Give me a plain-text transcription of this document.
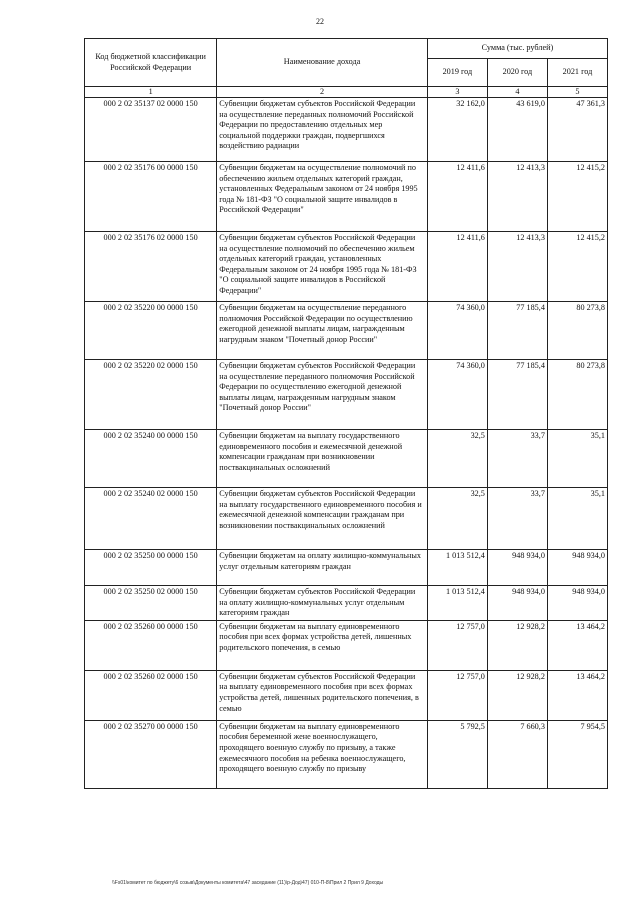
22
Код бюджетной классификации Российской Федерации	Наименование дохода	Сумма (тыс. рублей)		
		2019 год	2020 год	2021 год
1	2	3	4	5
000 2 02 35137 02 0000 150	Субвенции бюджетам субъектов Российской Федерации на осуществление переданных полномочий Российской Федерации по предоставлению отдельных мер социальной поддержки граждан, подвергшихся воздействию радиации	32 162,0	43 619,0	47 361,3
000 2 02 35176 00 0000 150	Субвенции бюджетам на осуществление полномочий по обеспечению жильем отдельных категорий граждан, установленных Федеральным законом от 24 ноября 1995 года № 181-ФЗ "О социальной защите инвалидов в Российской Федерации"	12 411,6	12 413,3	12 415,2
000 2 02 35176 02 0000 150	Субвенции бюджетам субъектов Российской Федерации на осуществление полномочий по обеспечению жильем отдельных категорий граждан, установленных Федеральным законом от 24 ноября 1995 года № 181-ФЗ "О социальной защите инвалидов в Российской Федерации"	12 411,6	12 413,3	12 415,2
000 2 02 35220 00 0000 150	Субвенции бюджетам на осуществление переданного полномочия Российской Федерации по осуществлению ежегодной денежной выплаты лицам, награжденным нагрудным знаком "Почетный донор России"	74 360,0	77 185,4	80 273,8
000 2 02 35220 02 0000 150	Субвенции бюджетам субъектов Российской Федерации на осуществление переданного полномочия Российской Федерации по осуществлению ежегодной денежной выплаты лицам, награжденным нагрудным знаком "Почетный донор России"	74 360,0	77 185,4	80 273,8
000 2 02 35240 00 0000 150	Субвенции бюджетам на выплату государственного единовременного пособия и ежемесячной денежной компенсации гражданам при возникновении поствакцинальных осложнений	32,5	33,7	35,1
000 2 02 35240 02 0000 150	Субвенции бюджетам субъектов Российской Федерации на выплату государственного единовременного пособия и ежемесячной денежной компенсации гражданам при возникновении поствакцинальных осложнений	32,5	33,7	35,1
000 2 02 35250 00 0000 150	Субвенции бюджетам на оплату жилищно-коммунальных услуг отдельным категориям граждан	1 013 512,4	948 934,0	948 934,0
000 2 02 35250 02 0000 150	Субвенции бюджетам субъектов Российской Федерации на оплату жилищно-коммунальных услуг отдельным категориям граждан	1 013 512,4	948 934,0	948 934,0
000 2 02 35260 00 0000 150	Субвенции бюджетам на выплату единовременного пособия при всех формах устройства детей, лишенных родительского попечения, в семью	12 757,0	12 928,2	13 464,2
000 2 02 35260 02 0000 150	Субвенции бюджетам субъектов Российской Федерации на выплату единовременного пособия при всех формах устройства детей, лишенных родительского попечения, в семью	12 757,0	12 928,2	13 464,2
000 2 02 35270 00 0000 150	Субвенции бюджетам на выплату единовременного пособия беременной жене военнослужащего, проходящего военную службу по призыву, а также ежемесячного пособия на ребенка военнослужащего, проходящего военную службу по призыву	5 792,5	7 660,3	7 954,5
\\Fs01\комитет по бюджету\6 созыв\Документы комитета\47 заседание (11)\р-Дод\47) 010-П-8\Прил 2 Прил 9 Доходы
